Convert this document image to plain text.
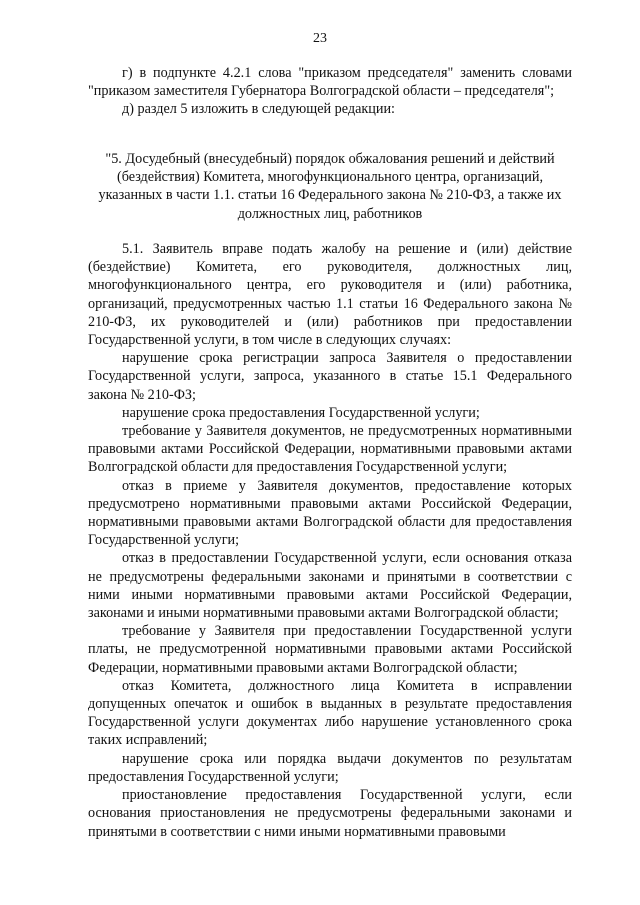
23

г) в подпункте 4.2.1 слова "приказом председателя" заменить словами "приказом заместителя Губернатора Волгоградской области – председателя";

д) раздел 5 изложить в следующей редакции:

"5. Досудебный (внесудебный) порядок обжалования решений и действий (бездействия) Комитета, многофункционального центра, организаций, указанных в части 1.1. статьи 16 Федерального закона № 210-ФЗ, а также их должностных лиц, работников

5.1. Заявитель вправе подать жалобу на решение и (или) действие (бездействие) Комитета, его руководителя, должностных лиц, многофункционального центра, его руководителя и (или) работника, организаций, предусмотренных частью 1.1 статьи 16 Федерального закона № 210-ФЗ, их руководителей и (или) работников при предоставлении Государственной услуги, в том числе в следующих случаях:

нарушение срока регистрации запроса Заявителя о предоставлении Государственной услуги, запроса, указанного в статье 15.1 Федерального закона № 210-ФЗ;

нарушение срока предоставления Государственной услуги;

требование у Заявителя документов, не предусмотренных нормативными правовыми актами Российской Федерации, нормативными правовыми актами Волгоградской области для предоставления Государственной услуги;

отказ в приеме у Заявителя документов, предоставление которых предусмотрено нормативными правовыми актами Российской Федерации, нормативными правовыми актами Волгоградской области для предоставления Государственной услуги;

отказ в предоставлении Государственной услуги, если основания отказа не предусмотрены федеральными законами и принятыми в соответствии с ними иными нормативными правовыми актами Российской Федерации, законами и иными нормативными правовыми актами Волгоградской области;

требование у Заявителя при предоставлении Государственной услуги платы, не предусмотренной нормативными правовыми актами Российской Федерации, нормативными правовыми актами Волгоградской области;

отказ Комитета, должностного лица Комитета в исправлении допущенных опечаток и ошибок в выданных в результате предоставления Государственной услуги документах либо нарушение установленного срока таких исправлений;

нарушение срока или порядка выдачи документов по результатам предоставления Государственной услуги;

приостановление предоставления Государственной услуги, если основания приостановления не предусмотрены федеральными законами и принятыми в соответствии с ними иными нормативными правовыми
